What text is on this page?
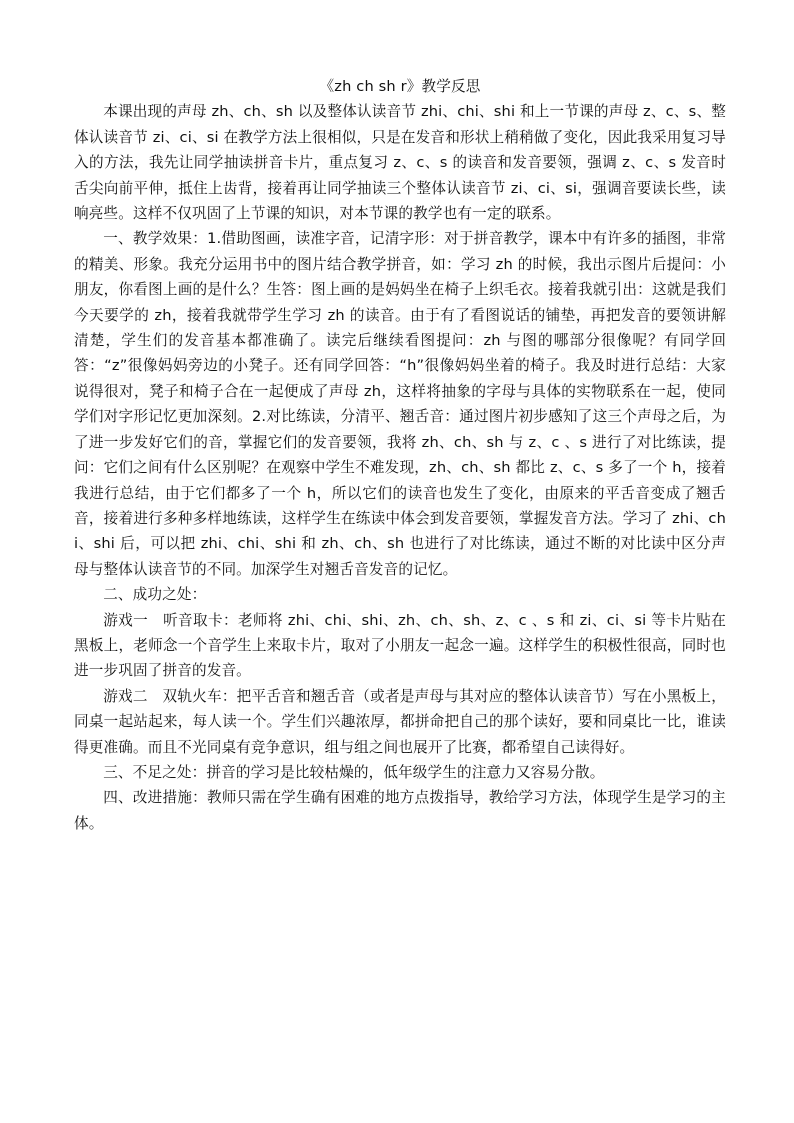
《zh ch sh r》教学反思

本课出现的声母 zh、ch、sh 以及整体认读音节 zhi、chi、shi 和上一节课的声母 z、c、s、整体认读音节 zi、ci、si 在教学方法上很相似，只是在发音和形状上稍稍做了变化，因此我采用复习导入的方法，我先让同学抽读拼音卡片，重点复习 z、c、s 的读音和发音要领，强调 z、c、s 发音时舌尖向前平伸，抵住上齿背，接着再让同学抽读三个整体认读音节 zi、ci、si，强调音要读长些，读响亮些。这样不仅巩固了上节课的知识，对本节课的教学也有一定的联系。

一、教学效果：1.借助图画，读准字音，记清字形：对于拼音教学，课本中有许多的插图，非常的精美、形象。我充分运用书中的图片结合教学拼音，如：学习 zh 的时候，我出示图片后提问：小朋友，你看图上画的是什么？生答：图上画的是妈妈坐在椅子上织毛衣。接着我就引出：这就是我们今天要学的 zh，接着我就带学生学习 zh 的读音。由于有了看图说话的铺垫，再把发音的要领讲解清楚，学生们的发音基本都准确了。读完后继续看图提问：zh 与图的哪部分很像呢？有同学回答：“z”很像妈妈旁边的小凳子。还有同学回答：“h”很像妈妈坐着的椅子。我及时进行总结：大家说得很对，凳子和椅子合在一起便成了声母 zh，这样将抽象的字母与具体的实物联系在一起，使同学们对字形记忆更加深刻。2.对比练读，分清平、翘舌音：通过图片初步感知了这三个声母之后，为了进一步发好它们的音，掌握它们的发音要领，我将 zh、ch、sh 与 z、c 、s 进行了对比练读，提问：它们之间有什么区别呢？在观察中学生不难发现，zh、ch、sh 都比 z、c、s 多了一个 h，接着我进行总结，由于它们都多了一个 h，所以它们的读音也发生了变化，由原来的平舌音变成了翘舌音，接着进行多种多样地练读，这样学生在练读中体会到发音要领，掌握发音方法。学习了 zhi、chi、shi 后，可以把 zhi、chi、shi 和 zh、ch、sh 也进行了对比练读，通过不断的对比读中区分声母与整体认读音节的不同。加深学生对翘舌音发音的记忆。

二、成功之处：

游戏一　听音取卡：老师将 zhi、chi、shi、zh、ch、sh、z、c 、s 和 zi、ci、si 等卡片贴在黑板上，老师念一个音学生上来取卡片，取对了小朋友一起念一遍。这样学生的积极性很高，同时也进一步巩固了拼音的发音。

游戏二　双轨火车：把平舌音和翘舌音（或者是声母与其对应的整体认读音节）写在小黑板上，同桌一起站起来，每人读一个。学生们兴趣浓厚，都拼命把自己的那个读好，要和同桌比一比，谁读得更准确。而且不光同桌有竞争意识，组与组之间也展开了比赛，都希望自己读得好。

三、不足之处：拼音的学习是比较枯燥的，低年级学生的注意力又容易分散。

四、改进措施：教师只需在学生确有困难的地方点拨指导，教给学习方法，体现学生是学习的主体。
